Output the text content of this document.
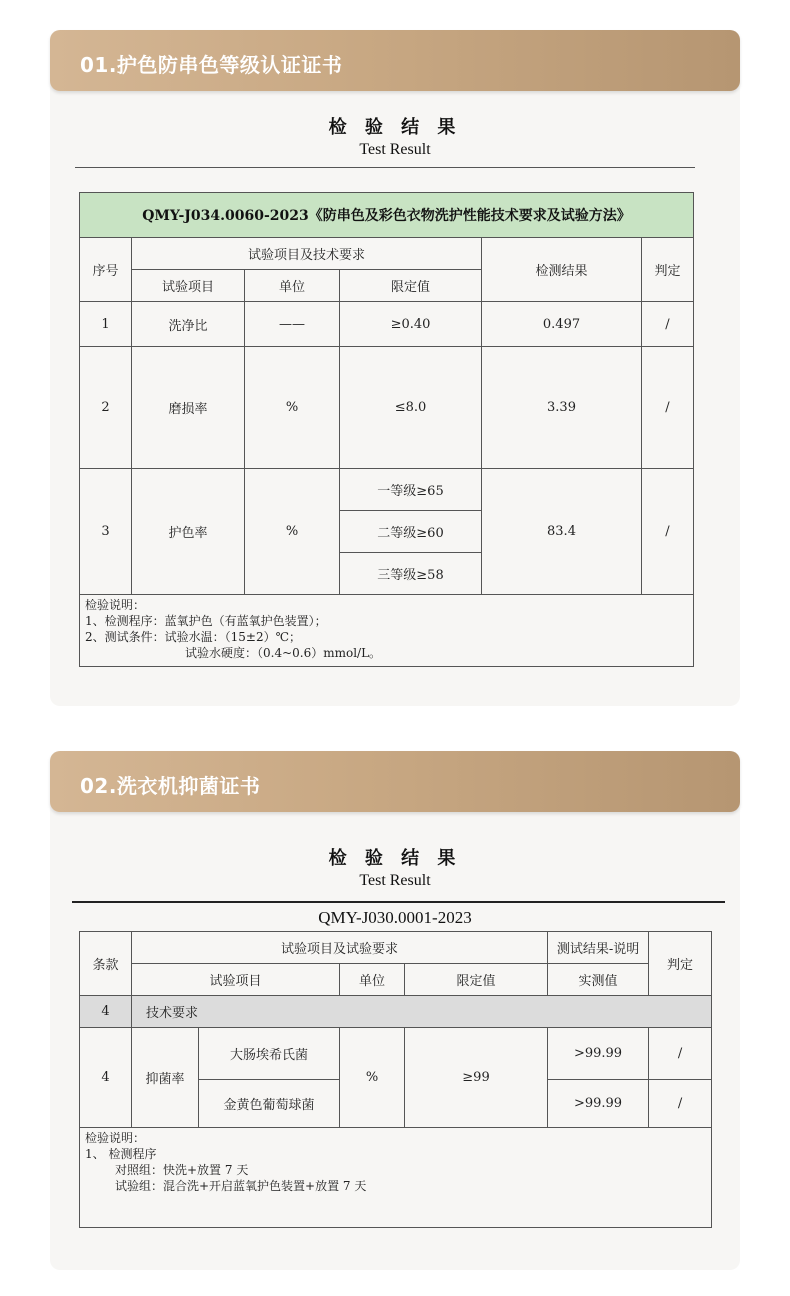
01.护色防串色等级认证证书
检 验 结 果
Test Result
QMY-J034.0060-2023《防串色及彩色衣物洗护性能技术要求及试验方法》					
序号	试验项目及技术要求			检测结果	判定
	试验项目	单位	限定值		
1	洗净比	——	≥0.40	0.497	/
2	磨损率	%	≤8.0	3.39	/
3	护色率	%	一等级≥65	83.4	/
			二等级≥60		
			三等级≥58		

检验说明：
1、检测程序：蓝氧护色（有蓝氧护色装置）；
2、测试条件：试验水温：（15±2）℃；
试验水硬度：（0.4~0.6）mmol/L。					
02.洗衣机抑菌证书
检 验 结 果
Test Result
QMY-J030.0001-2023
条款	试验项目及试验要求				测试结果-说明	判定
	试验项目		单位	限定值	实测值	
4	技术要求					
4	抑菌率	大肠埃希氏菌	%	≥99	>99.99	/
		金黄色葡萄球菌			>99.99	/

检验说明：
1、 检测程序
对照组：快洗+放置 7 天
试验组：混合洗+开启蓝氧护色装置+放置 7 天						
